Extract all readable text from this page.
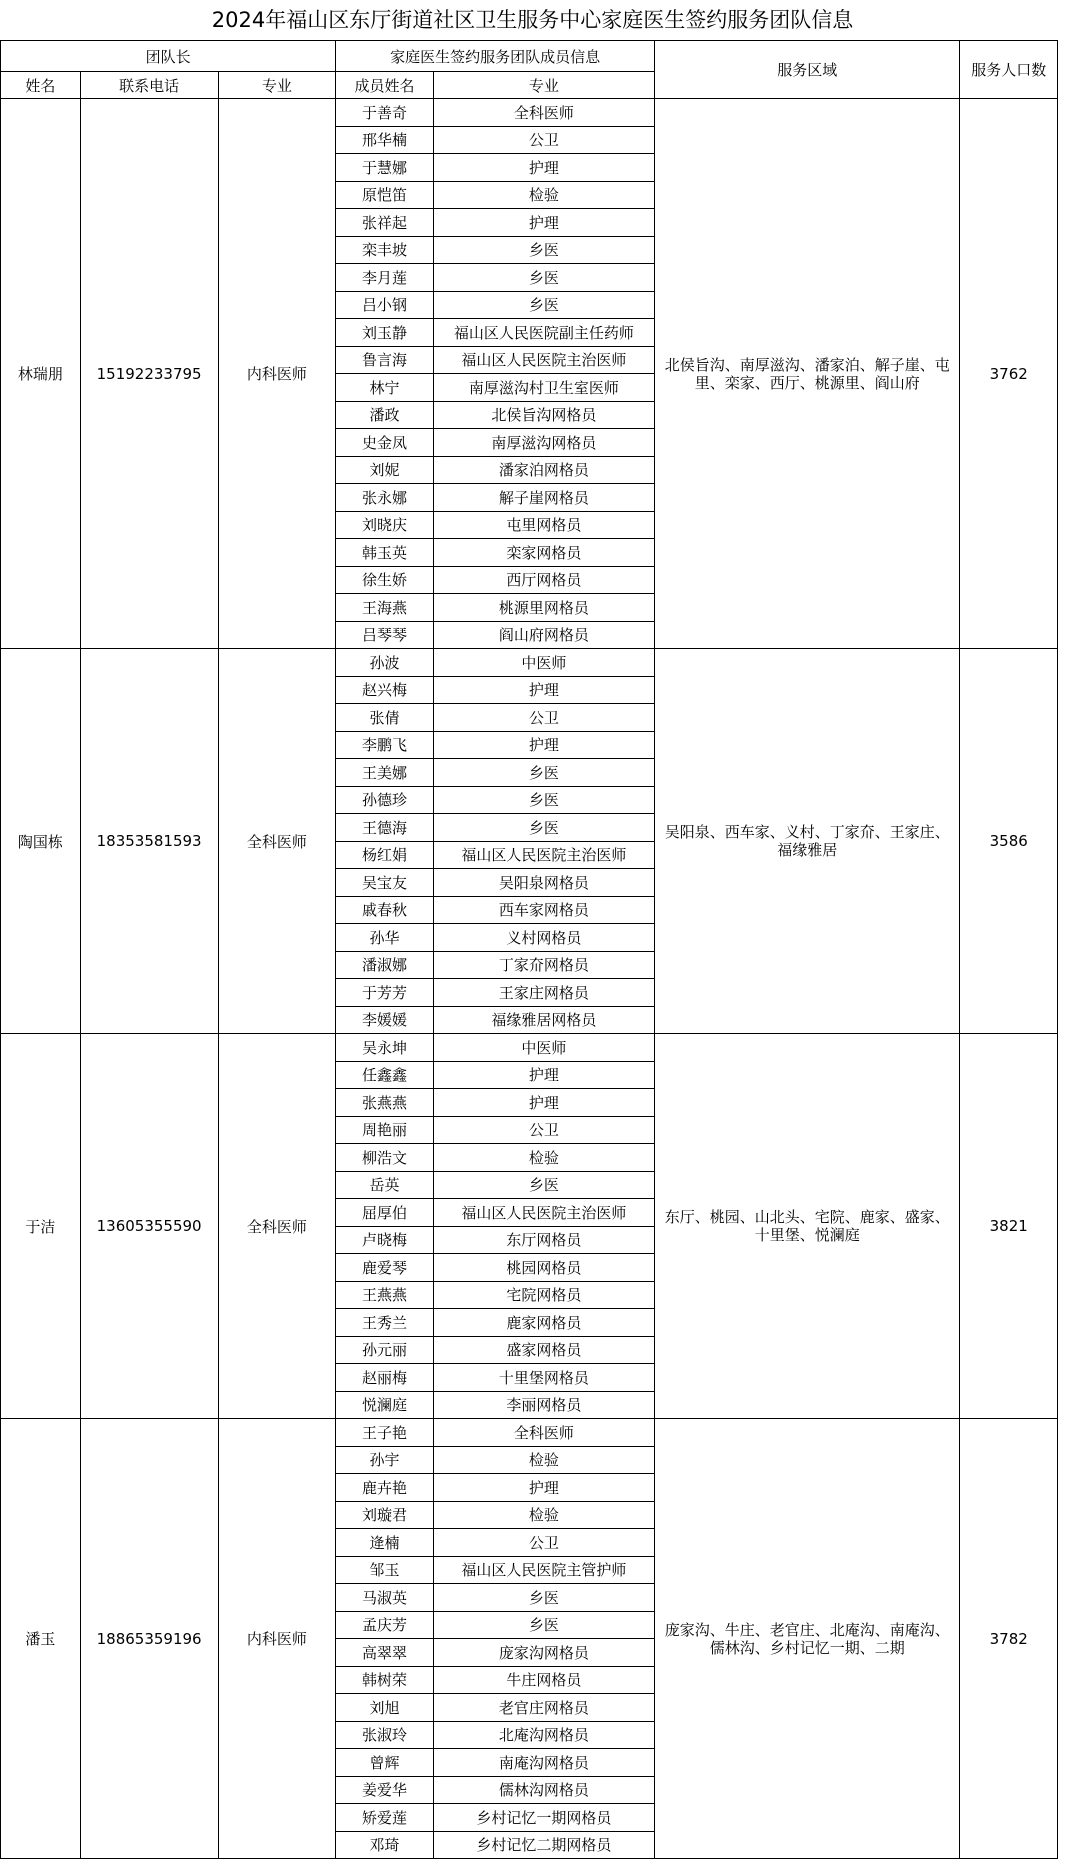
2024年福山区东厅街道社区卫生服务中心家庭医生签约服务团队信息
团队长			家庭医生签约服务团队成员信息		服务区域	服务人口数
姓名	联系电话	专业	成员姓名	专业		
林瑞朋	15192233795	内科医师	于善奇	全科医师	北侯旨沟、南厚滋沟、潘家泊、解子崖、屯里、栾家、西厅、桃源里、阎山府	3762
			邢华楠	公卫		
			于慧娜	护理		
			原恺笛	检验		
			张祥起	护理		
			栾丰坡	乡医		
			李月莲	乡医		
			吕小钢	乡医		
			刘玉静	福山区人民医院副主任药师		
			鲁言海	福山区人民医院主治医师		
			林宁	南厚滋沟村卫生室医师		
			潘政	北侯旨沟网格员		
			史金凤	南厚滋沟网格员		
			刘妮	潘家泊网格员		
			张永娜	解子崖网格员		
			刘晓庆	屯里网格员		
			韩玉英	栾家网格员		
			徐生娇	西厅网格员		
			王海燕	桃源里网格员		
			吕琴琴	阎山府网格员		
陶国栋	18353581593	全科医师	孙波	中医师	吴阳泉、西车家、义村、丁家夼、王家庄、福缘雅居	3586
			赵兴梅	护理		
			张倩	公卫		
			李鹏飞	护理		
			王美娜	乡医		
			孙德珍	乡医		
			王德海	乡医		
			杨红娟	福山区人民医院主治医师		
			吴宝友	吴阳泉网格员		
			戚春秋	西车家网格员		
			孙华	义村网格员		
			潘淑娜	丁家夼网格员		
			于芳芳	王家庄网格员		
			李媛媛	福缘雅居网格员		
于洁	13605355590	全科医师	吴永坤	中医师	东厅、桃园、山北头、宅院、鹿家、盛家、十里堡、悦澜庭	3821
			任鑫鑫	护理		
			张燕燕	护理		
			周艳丽	公卫		
			柳浩文	检验		
			岳英	乡医		
			屈厚伯	福山区人民医院主治医师		
			卢晓梅	东厅网格员		
			鹿爱琴	桃园网格员		
			王燕燕	宅院网格员		
			王秀兰	鹿家网格员		
			孙元丽	盛家网格员		
			赵丽梅	十里堡网格员		
			悦澜庭	李丽网格员		
潘玉	18865359196	内科医师	王子艳	全科医师	庞家沟、牛庄、老官庄、北庵沟、南庵沟、儒林沟、乡村记忆一期、二期	3782
			孙宇	检验		
			鹿卉艳	护理		
			刘璇君	检验		
			逄楠	公卫		
			邹玉	福山区人民医院主管护师		
			马淑英	乡医		
			孟庆芳	乡医		
			高翠翠	庞家沟网格员		
			韩树荣	牛庄网格员		
			刘旭	老官庄网格员		
			张淑玲	北庵沟网格员		
			曾辉	南庵沟网格员		
			姜爱华	儒林沟网格员		
			矫爱莲	乡村记忆一期网格员		
			邓琦	乡村记忆二期网格员		
